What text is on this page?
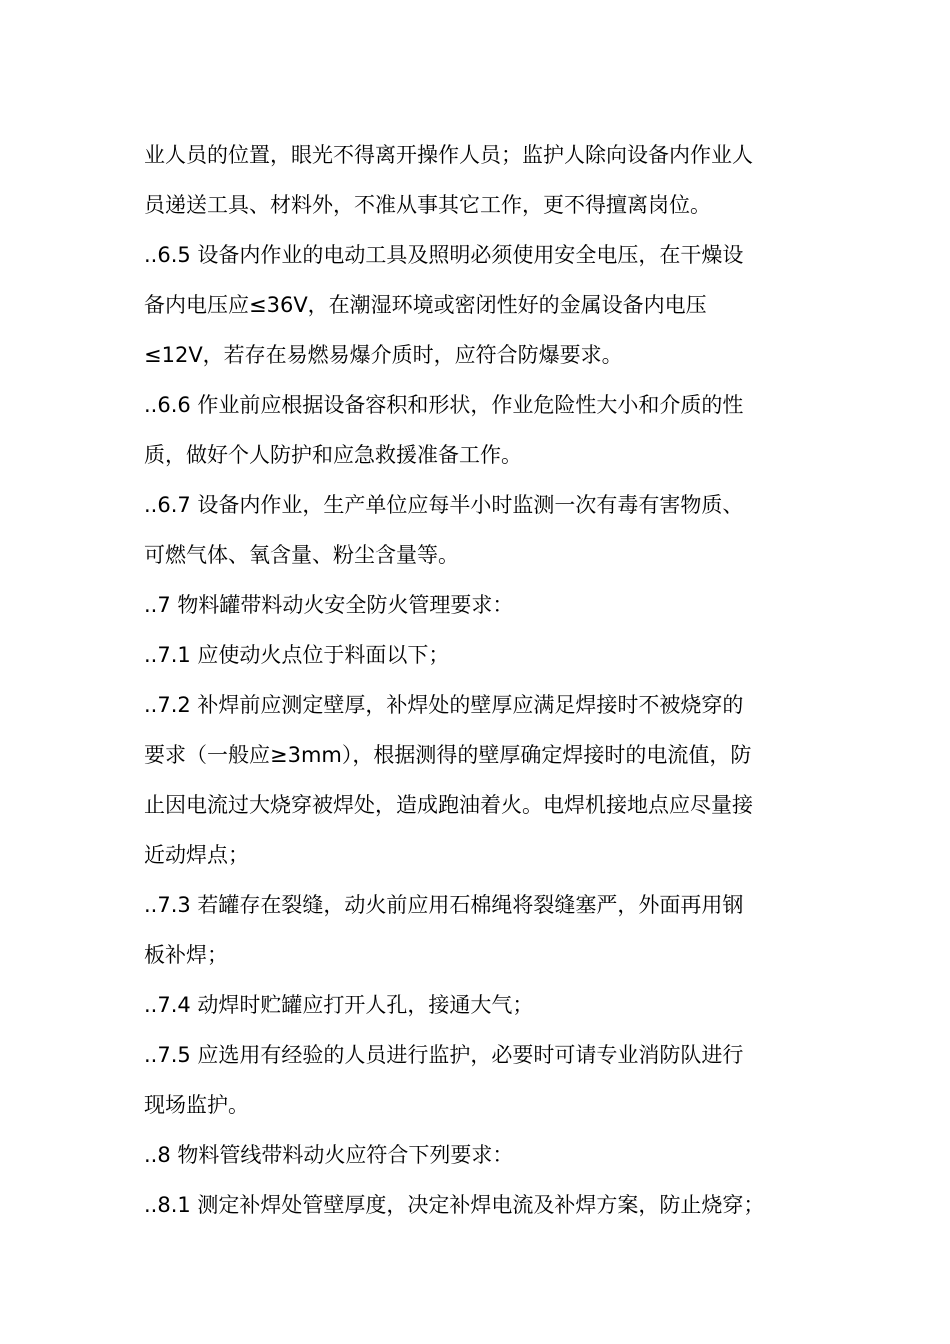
业人员的位置，眼光不得离开操作人员；监护人除向设备内作业人
员递送工具、材料外，不准从事其它工作，更不得擅离岗位。
..6.5 设备内作业的电动工具及照明必须使用安全电压，在干燥设
备内电压应≤36V，在潮湿环境或密闭性好的金属设备内电压
≤12V，若存在易燃易爆介质时，应符合防爆要求。
..6.6 作业前应根据设备容积和形状，作业危险性大小和介质的性
质，做好个人防护和应急救援准备工作。
..6.7 设备内作业，生产单位应每半小时监测一次有毒有害物质、
可燃气体、氧含量、粉尘含量等。
..7 物料罐带料动火安全防火管理要求：
..7.1 应使动火点位于料面以下；
..7.2 补焊前应测定壁厚，补焊处的壁厚应满足焊接时不被烧穿的
要求（一般应≥3mm），根据测得的壁厚确定焊接时的电流值，防
止因电流过大烧穿被焊处，造成跑油着火。电焊机接地点应尽量接
近动焊点；
..7.3 若罐存在裂缝，动火前应用石棉绳将裂缝塞严，外面再用钢
板补焊；
..7.4 动焊时贮罐应打开人孔，接通大气；
..7.5 应选用有经验的人员进行监护，必要时可请专业消防队进行
现场监护。
..8 物料管线带料动火应符合下列要求：
..8.1 测定补焊处管壁厚度，决定补焊电流及补焊方案，防止烧穿；
